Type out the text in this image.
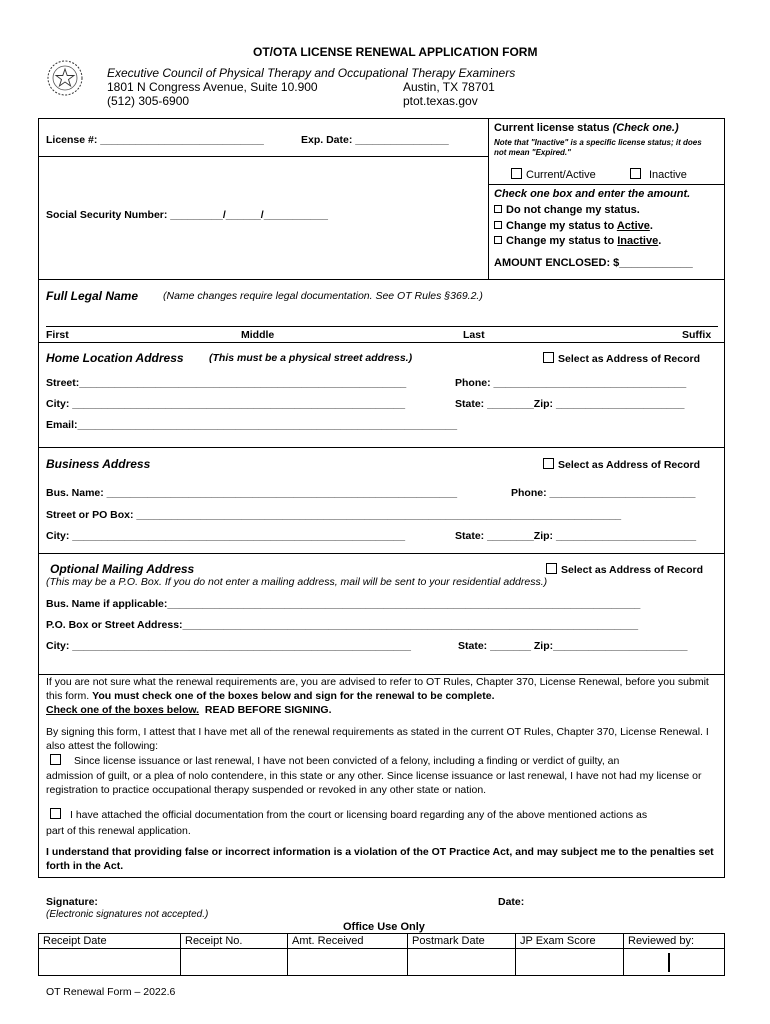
OT/OTA LICENSE RENEWAL APPLICATION FORM
Executive Council of Physical Therapy and Occupational Therapy Examiners
1801 N Congress Avenue, Suite 10.900	Austin, TX 78701
(512) 305-6900	ptot.texas.gov
License #: ____________________________	Exp. Date: ________________
Social Security Number: _________/______/___________
Current license status (Check one.)
Note that "Inactive" is a specific license status; it does not mean "Expired."
Current/Active	Inactive
Check one box and enter the amount.
Do not change my status.
Change my status to Active.
Change my status to Inactive.
AMOUNT ENCLOSED: $____________
Full Legal Name (Name changes require legal documentation. See OT Rules §369.2.)
First	Middle	Last	Suffix
Home Location Address (This must be a physical street address.)	Select as Address of Record
Street:________________________________________________________	Phone: _________________________________
City: _________________________________________________________	State: ________Zip: ______________________
Email:_________________________________________________________________
Business Address	Select as Address of Record
Bus. Name: ____________________________________________________________	Phone: _________________________
Street or PO Box: ___________________________________________________________________________________
City: _________________________________________________________	State: ________Zip: ________________________
Optional Mailing Address	Select as Address of Record
(This may be a P.O. Box. If you do not enter a mailing address, mail will be sent to your residential address.)
Bus. Name if applicable:_________________________________________________________________________________
P.O. Box or Street Address:______________________________________________________________________________
City: __________________________________________________________	State: _______ Zip:_______________________
If you are not sure what the renewal requirements are, you are advised to refer to OT Rules, Chapter 370, License Renewal, before you submit this form. You must check one of the boxes below and sign for the renewal to be complete.
Check one of the boxes below. READ BEFORE SIGNING.
By signing this form, I attest that I have met all of the renewal requirements as stated in the current OT Rules, Chapter 370, License Renewal. I also attest the following:
Since license issuance or last renewal, I have not been convicted of a felony, including a finding or verdict of guilty, an
admission of guilt, or a plea of nolo contendere, in this state or any other. Since license issuance or last renewal, I have not had my license or registration to practice occupational therapy suspended or revoked in any other state or nation.
I have attached the official documentation from the court or licensing board regarding any of the above mentioned actions as
part of this renewal application.
I understand that providing false or incorrect information is a violation of the OT Practice Act, and may subject me to the penalties set forth in the Act.
Signature:
(Electronic signatures not accepted.)
Date:
Office Use Only
Receipt Date	Receipt No.	Amt. Received	Postmark Date	JP Exam Score	Reviewed by:

OT Renewal Form – 2022.6
